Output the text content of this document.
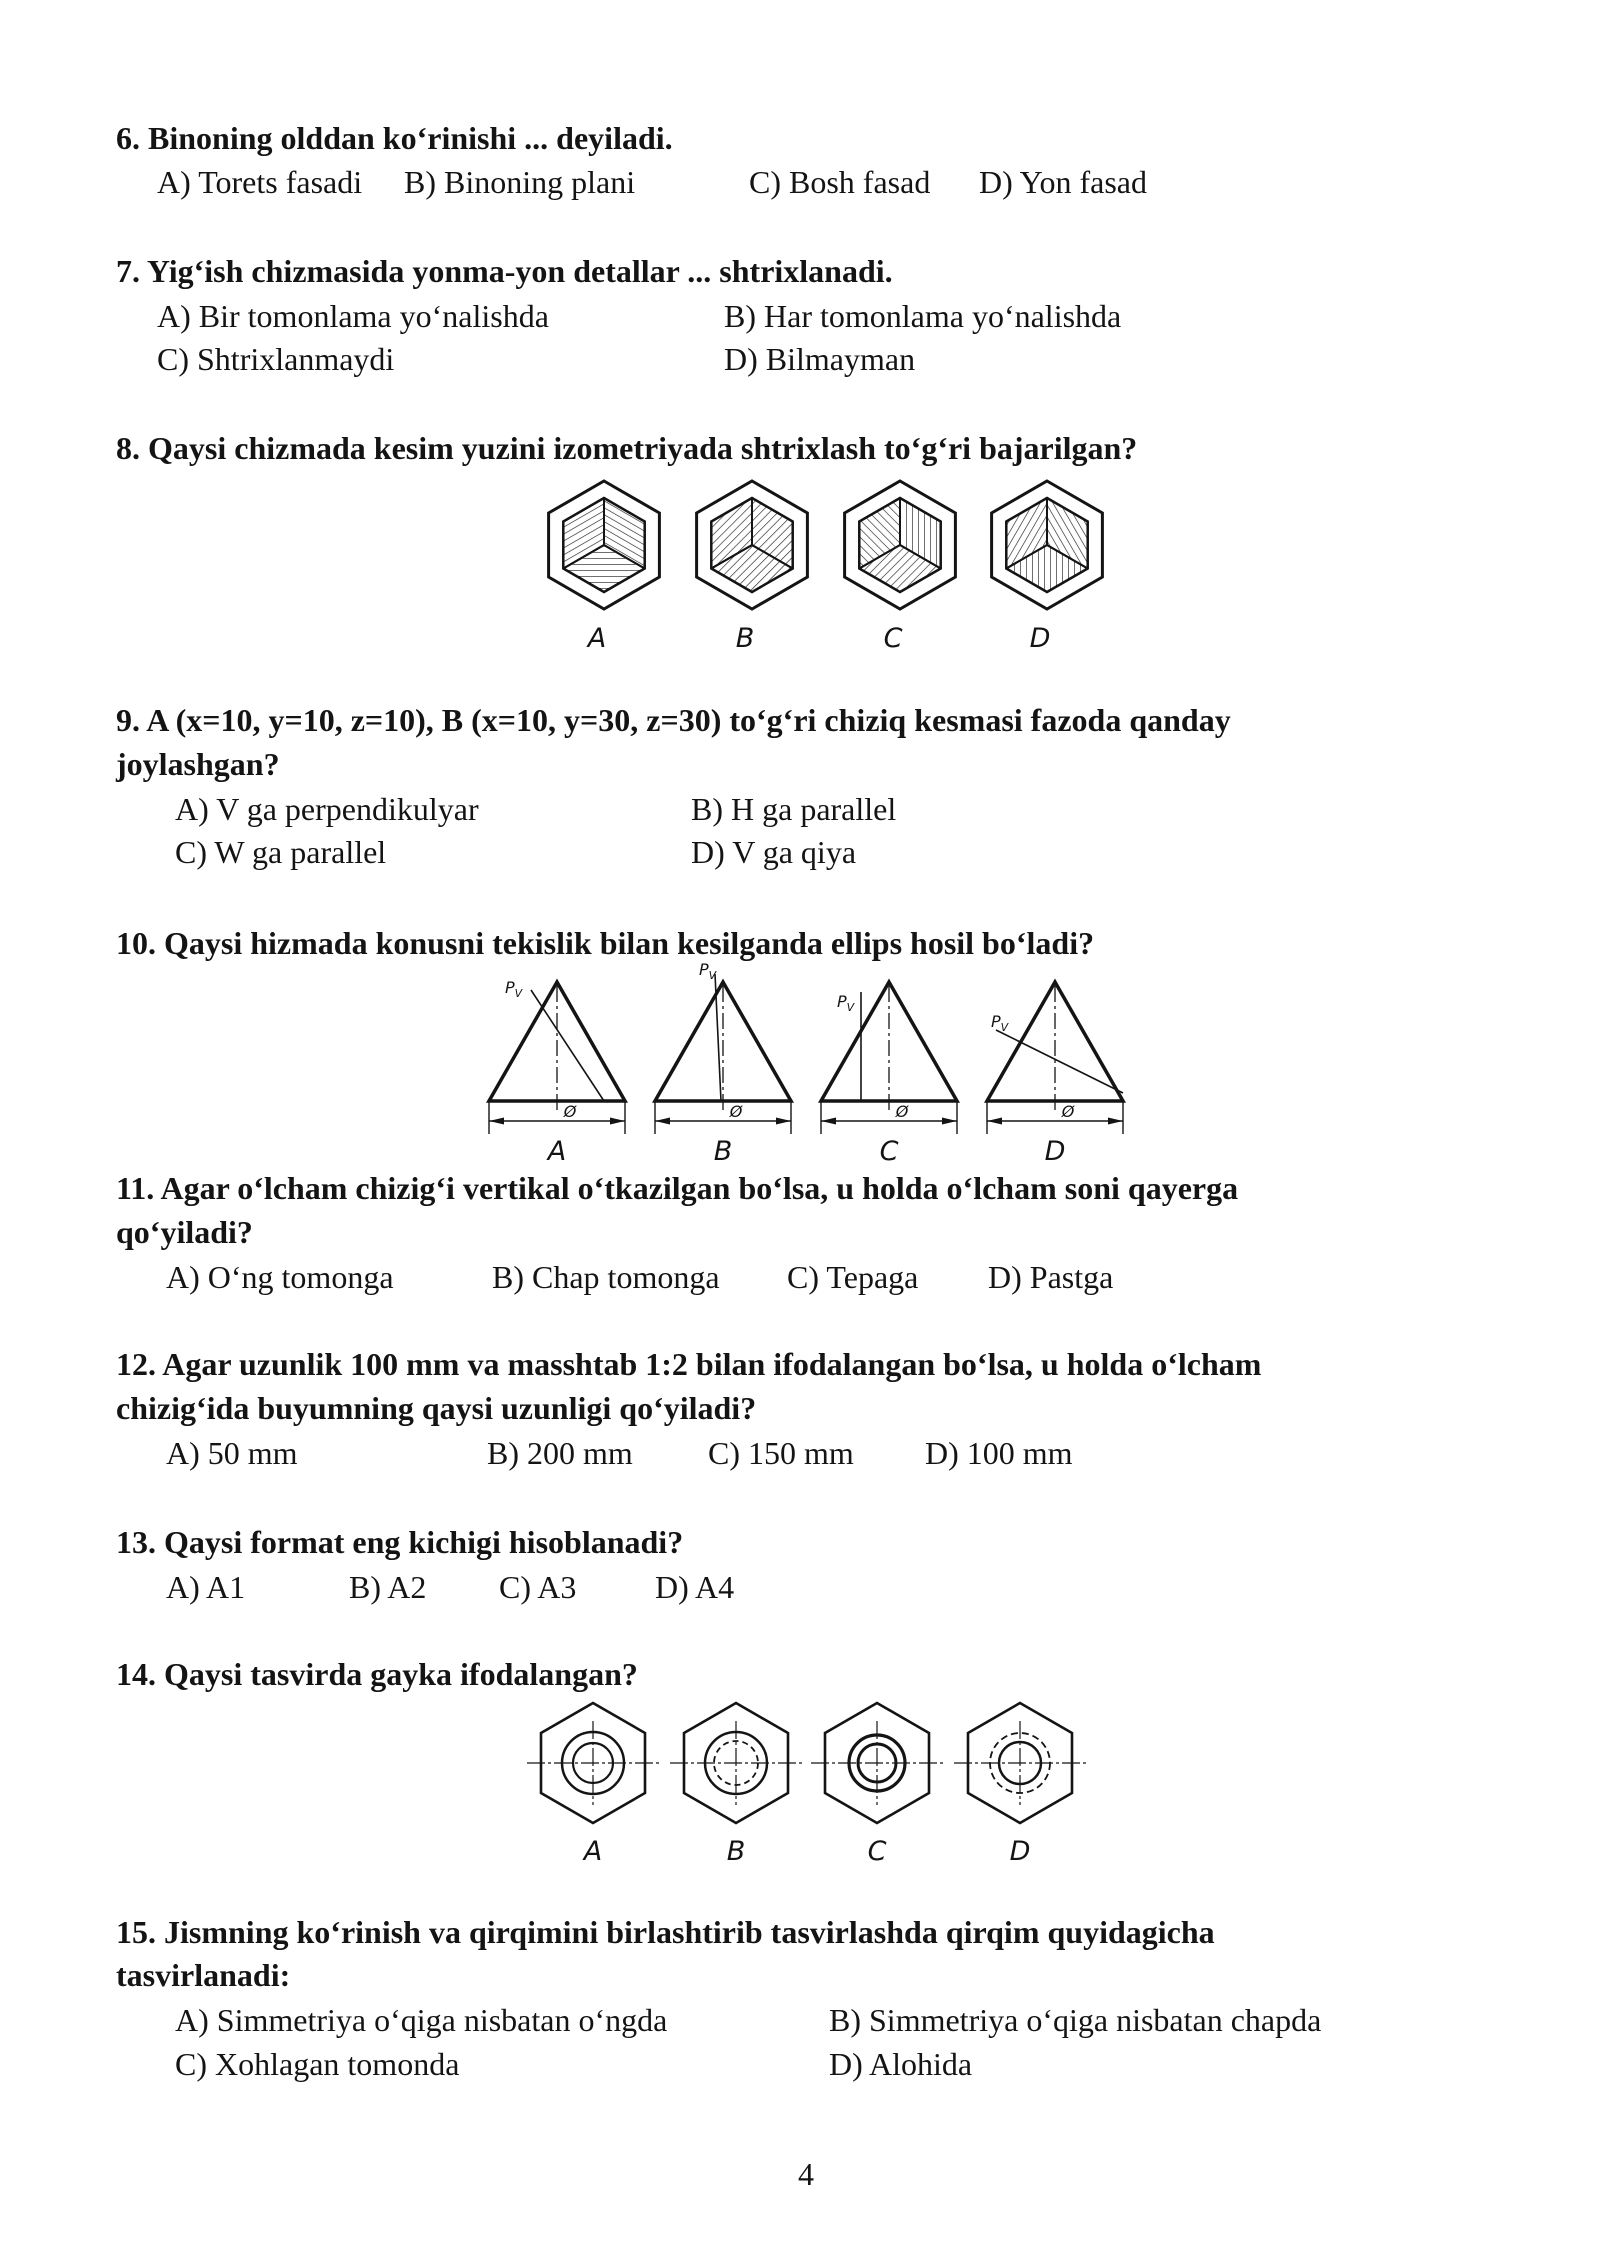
6. Binoning olddan ko‘rinishi ... deyiladi.
A) Torets fasadi B) Binoning plani	C) Bosh fasad D) Yon fasad
7. Yig‘ish chizmasida yonma-yon detallar ... shtrixlanadi.
A) Bir tomonlama yo‘nalishda	B) Har tomonlama yo‘nalishda
C) Shtrixlanmaydi	D) Bilmayman
8. Qaysi chizmada kesim yuzini izometriyada shtrixlash to‘g‘ri bajarilgan?
A	B	C	D
9. A (x=10, y=10, z=10), B (x=10, y=30, z=30) to‘g‘ri chiziq kesmasi fazoda qanday
joylashgan?
A) V ga perpendikulyar	B) H ga parallel
C) W ga parallel	D) V ga qiya
10. Qaysi hizmada konusni tekislik bilan kesilganda ellips hosil bo‘ladi?
$P_V$
Ø
A
$P_V$
Ø
B
$P_V$
Ø
C
$P_V$
Ø
D
11. Agar o‘lcham chizig‘i vertikal o‘tkazilgan bo‘lsa, u holda o‘lcham soni qayerga
qo‘yiladi?
A) O‘ng tomonga	B) Chap tomonga C) Tepaga D) Pastga
12. Agar uzunlik 100 mm va masshtab 1:2 bilan ifodalangan bo‘lsa, u holda o‘lcham
chizig‘ida buyumning qaysi uzunligi qo‘yiladi?
A) 50 mm	B) 200 mm C) 150 mm D) 100 mm
13. Qaysi format eng kichigi hisoblanadi?
A) A1	B) A2 C) A3 D) A4
14. Qaysi tasvirda gayka ifodalangan?
A	B	C	D
15. Jismning ko‘rinish va qirqimini birlashtirib tasvirlashda qirqim quyidagicha
tasvirlanadi:
A) Simmetriya o‘qiga nisbatan o‘ngda	B) Simmetriya o‘qiga nisbatan chapda
C) Xohlagan tomonda	D) Alohida
4
